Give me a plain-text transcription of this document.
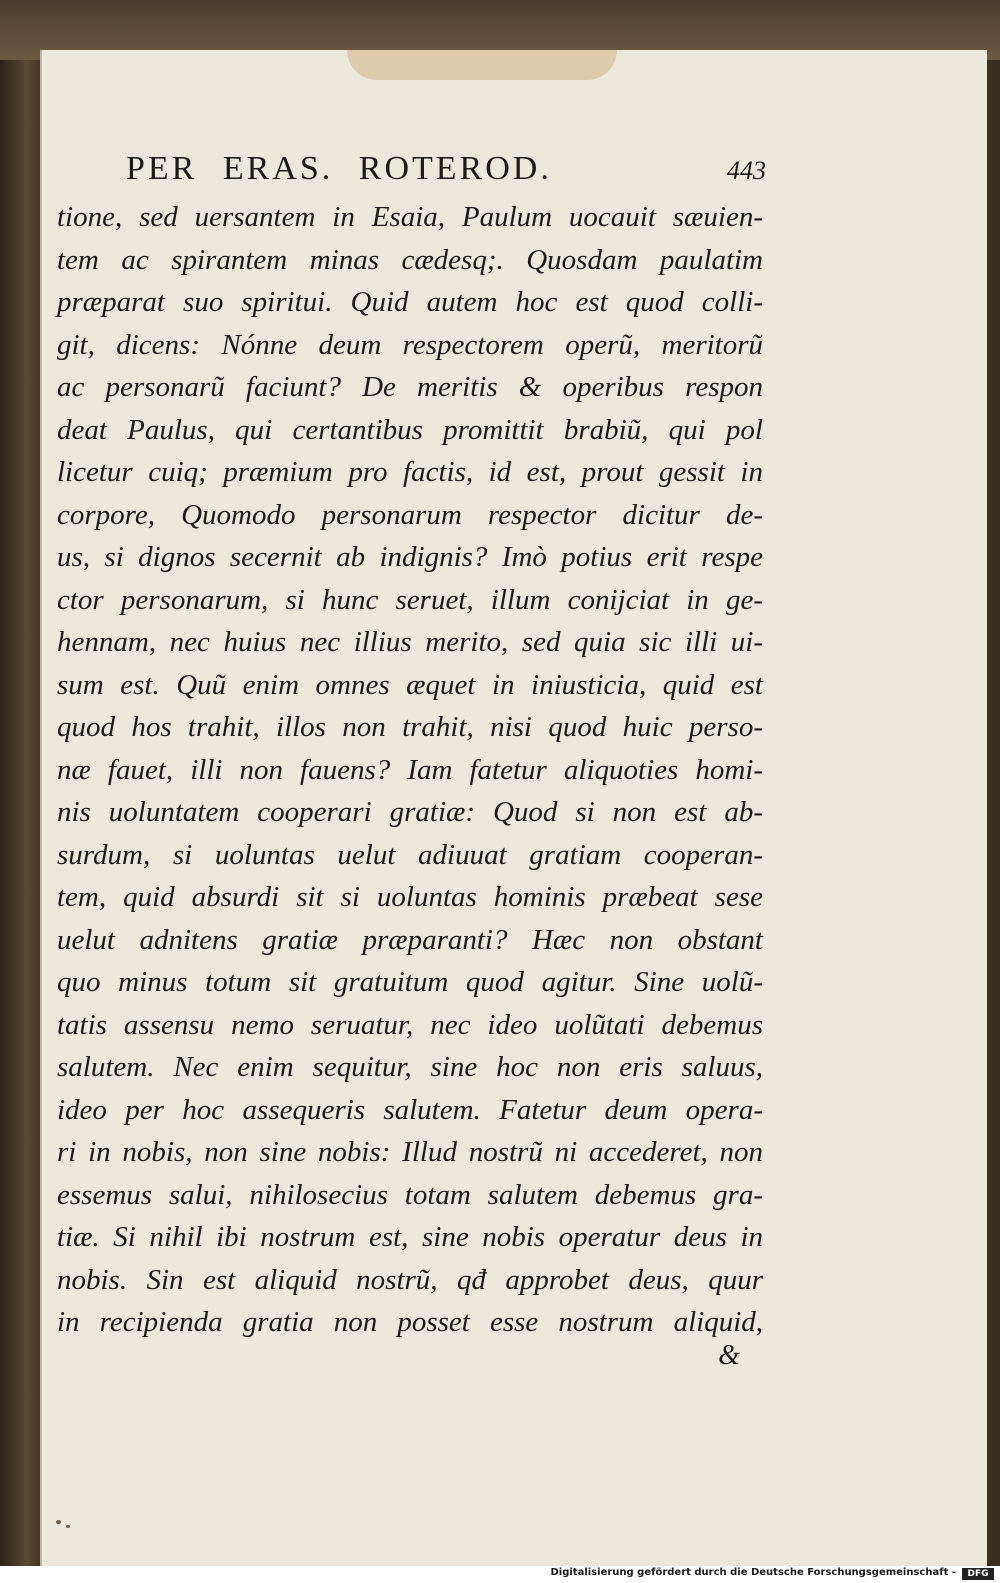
PER ERAS. ROTEROD.	443
tione, sed uersantem in Esaia, Paulum uocauit sæuien-
tem ac spirantem minas cædesq;. Quosdam paulatim
præparat suo spiritui. Quid autem hoc est quod colli-
git, dicens: Nónne deum respectorem operũ, meritorũ
ac personarũ faciunt? De meritis & operibus respon
deat Paulus, qui certantibus promittit brabiũ, qui pol
licetur cuiq; præmium pro factis, id est, prout gessit in
corpore, Quomodo personarum respector dicitur de-
us, si dignos secernit ab indignis? Imò potius erit respe
ctor personarum, si hunc seruet, illum conijciat in ge-
hennam, nec huius nec illius merito, sed quia sic illi ui-
sum est. Quũ enim omnes æquet in iniusticia, quid est
quod hos trahit, illos non trahit, nisi quod huic perso-
næ fauet, illi non fauens? Iam fatetur aliquoties homi-
nis uoluntatem cooperari gratiæ: Quod si non est ab-
surdum, si uoluntas uelut adiuuat gratiam cooperan-
tem, quid absurdi sit si uoluntas hominis præbeat sese
uelut adnitens gratiæ præparanti? Hæc non obstant
quo minus totum sit gratuitum quod agitur. Sine uolũ-
tatis assensu nemo seruatur, nec ideo uolũtati debemus
salutem. Nec enim sequitur, sine hoc non eris saluus,
ideo per hoc assequeris salutem. Fatetur deum opera-
ri in nobis, non sine nobis: Illud nostrũ ni accederet, non
essemus salui, nihilosecius totam salutem debemus gra-
tiæ. Si nihil ibi nostrum est, sine nobis operatur deus in
nobis. Sin est aliquid nostrũ, qđ approbet deus, quur
in recipienda gratia non posset esse nostrum aliquid,
&
Digitalisierung gefördert durch die Deutsche Forschungsgemeinschaft -	DFG
